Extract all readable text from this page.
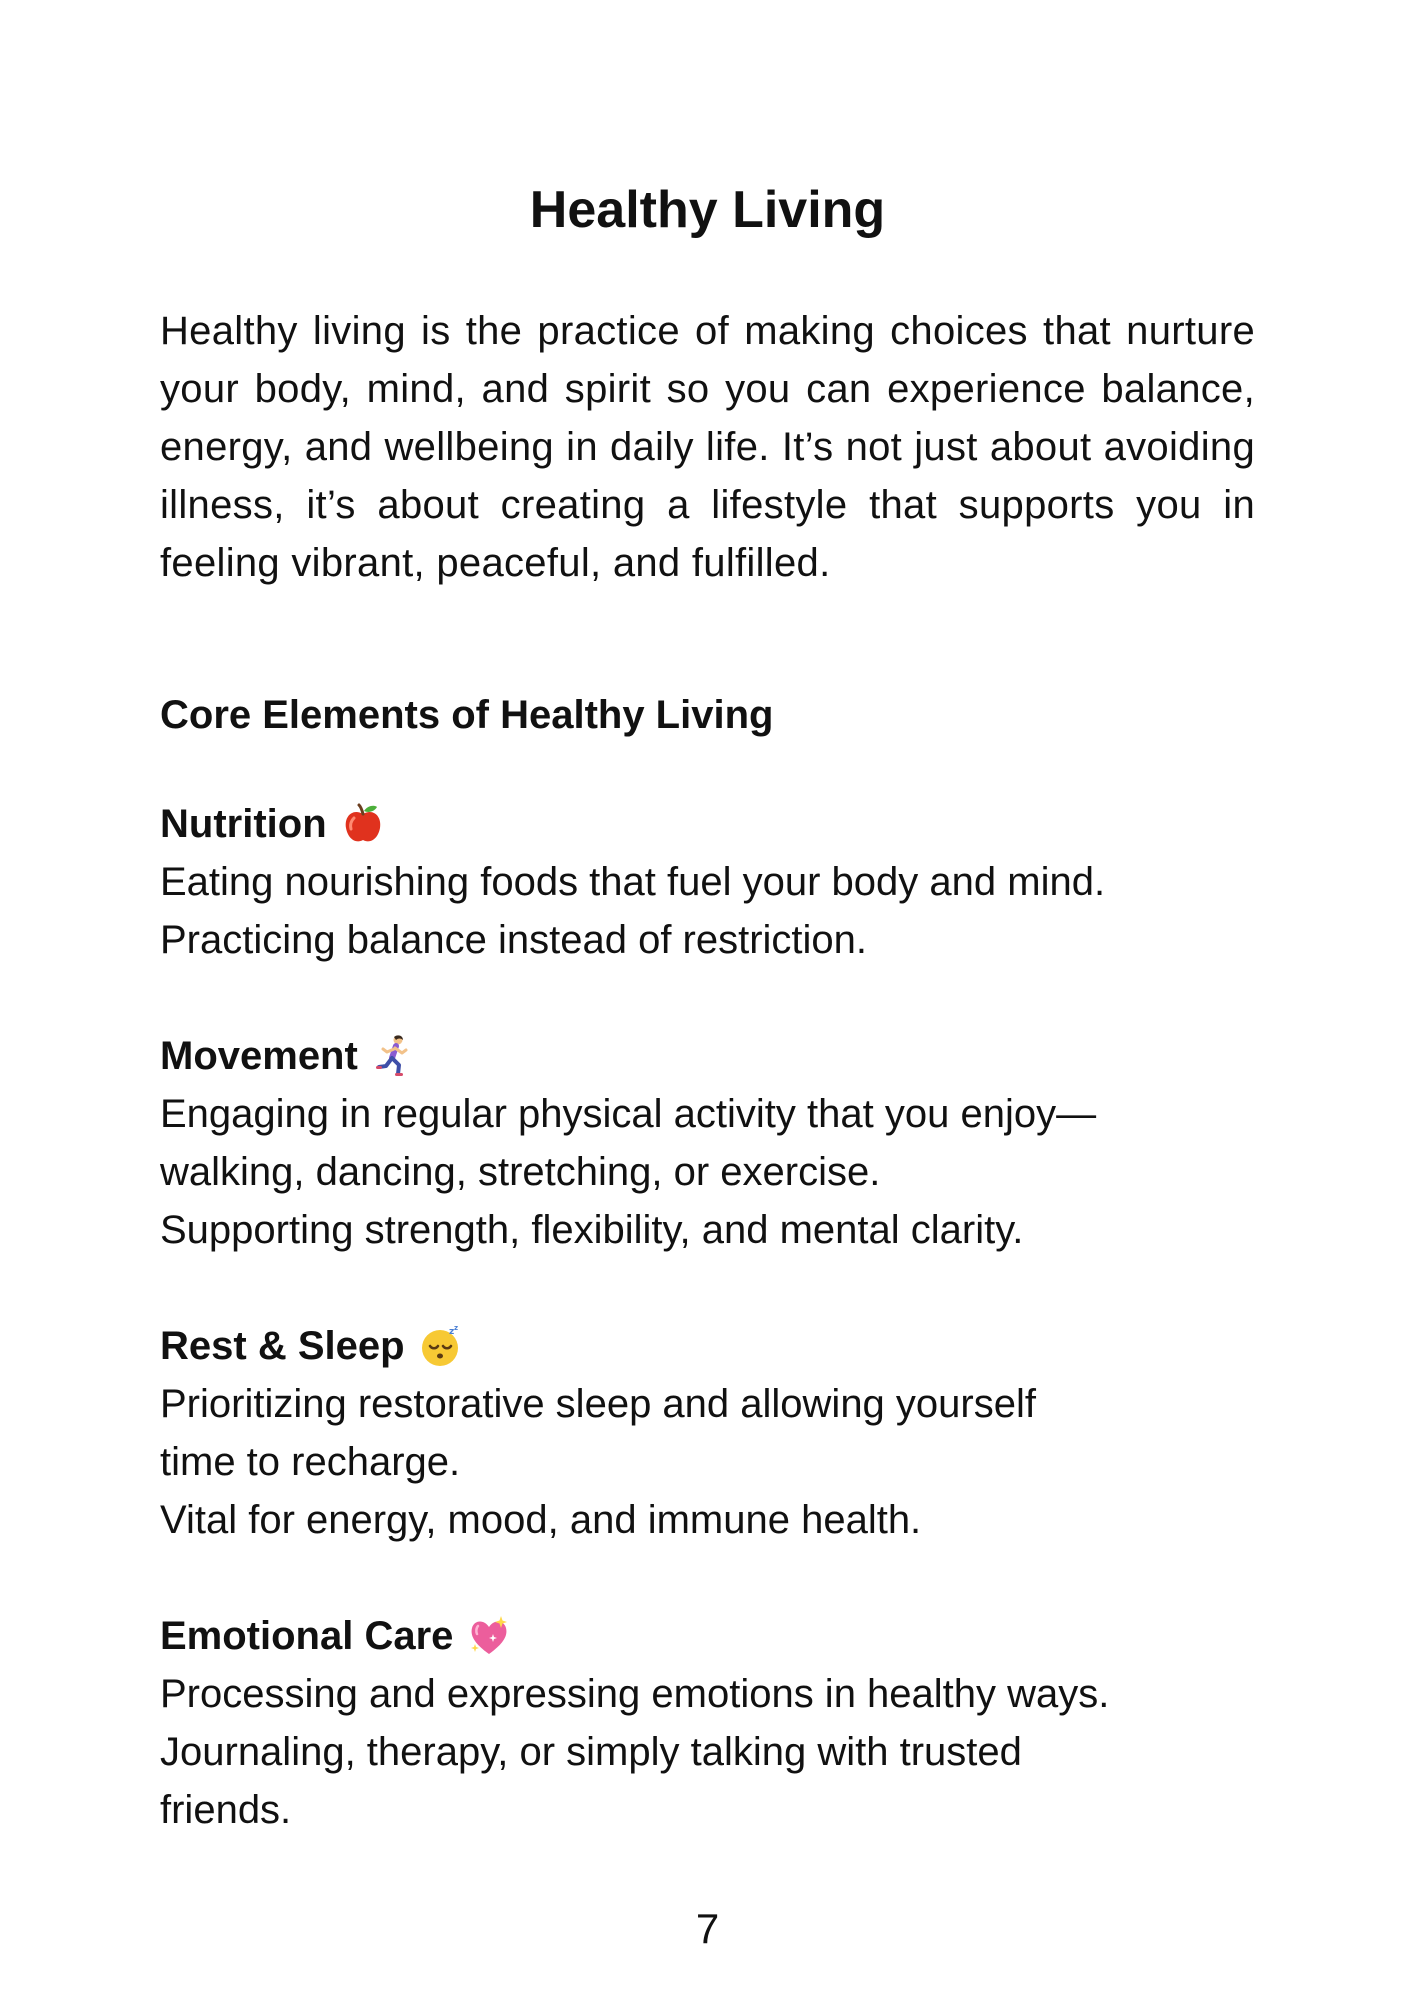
Healthy Living

Healthy living is the practice of making choices that nurture your body, mind, and spirit so you can experience balance, energy, and wellbeing in daily life. It’s not just about avoiding illness, it’s about creating a lifestyle that supports you in feeling vibrant, peaceful, and fulfilled.

Core Elements of Healthy Living
Nutrition

Eating nourishing foods that fuel your body and mind.

Practicing balance instead of restriction.

Movement

Engaging in regular physical activity that you enjoy—

walking, dancing, stretching, or exercise.

Supporting strength, flexibility, and mental clarity.

Rest & Sleep	z z

Prioritizing restorative sleep and allowing yourself

time to recharge.

Vital for energy, mood, and immune health.

Emotional Care

Processing and expressing emotions in healthy ways.

Journaling, therapy, or simply talking with trusted

friends.

7
